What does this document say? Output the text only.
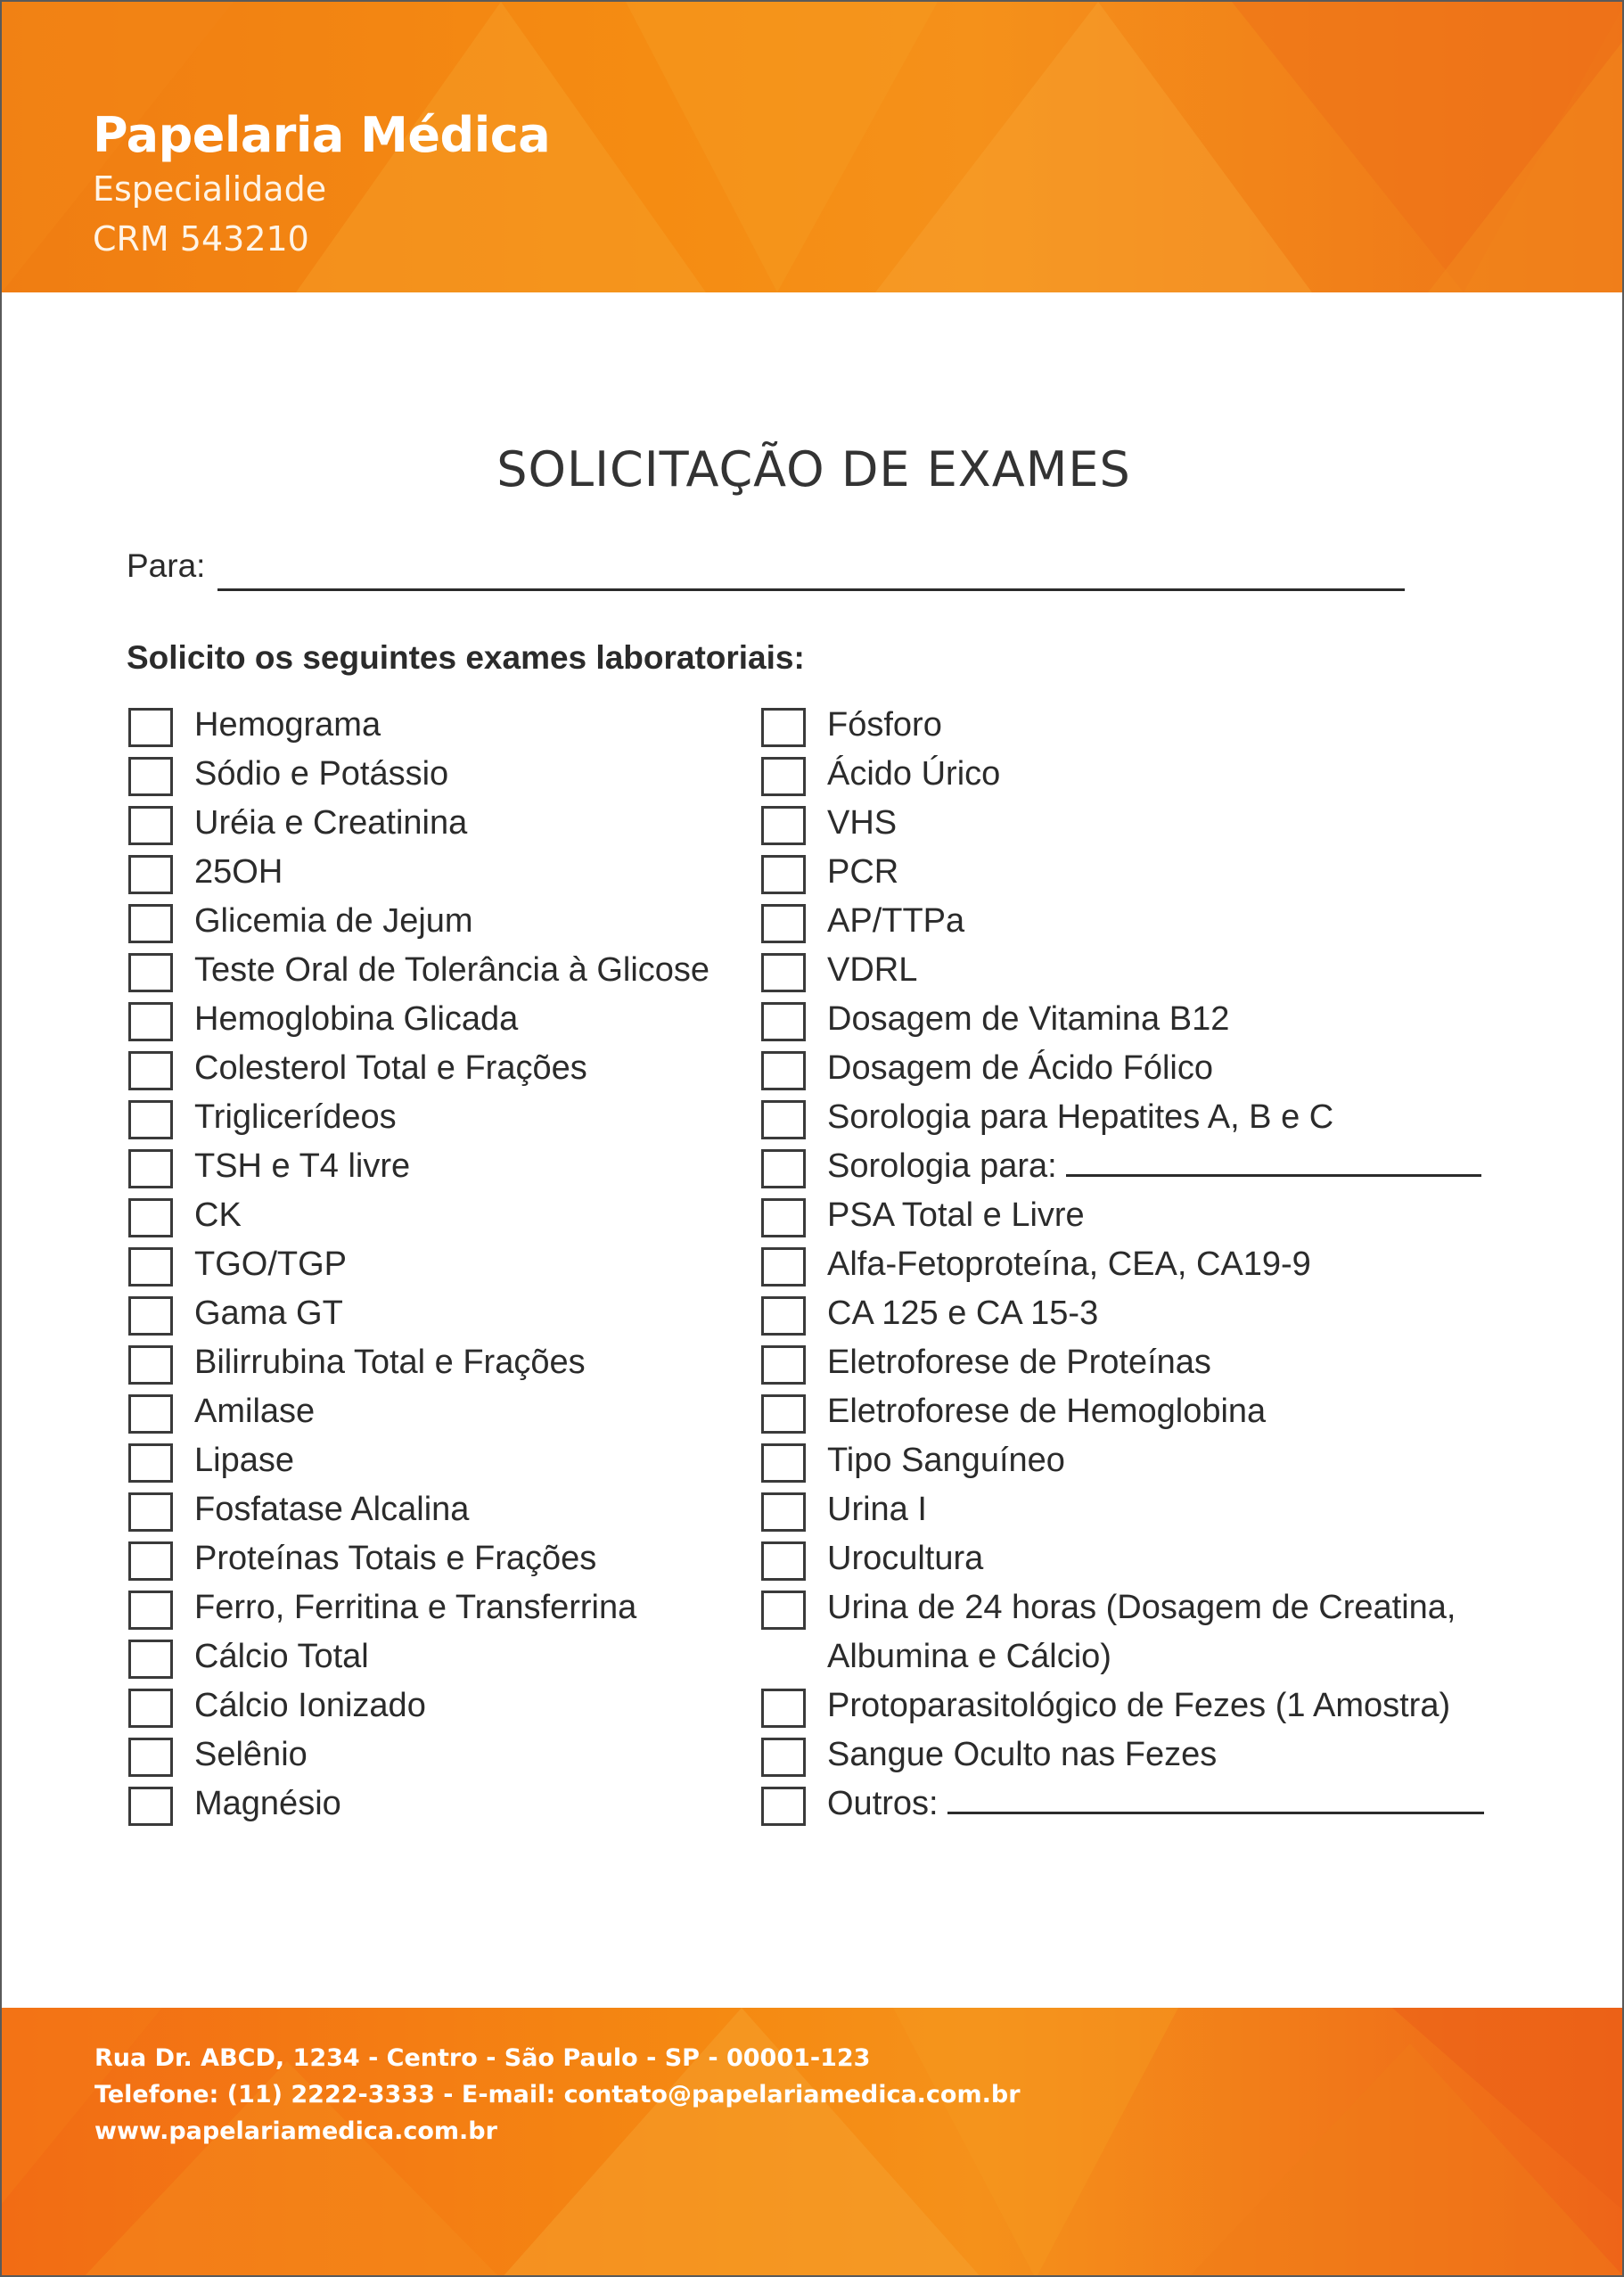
Papelaria Médica
Especialidade
CRM 543210
SOLICITAÇÃO DE EXAMES
Para:
Solicito os seguintes exames laboratoriais:
Hemograma
Sódio e Potássio
Uréia e Creatinina
25OH
Glicemia de Jejum
Teste Oral de Tolerância à Glicose
Hemoglobina Glicada
Colesterol Total e Frações
Triglicerídeos
TSH e T4 livre
CK
TGO/TGP
Gama GT
Bilirrubina Total e Frações
Amilase
Lipase
Fosfatase Alcalina
Proteínas Totais e Frações
Ferro, Ferritina e Transferrina
Cálcio Total
Cálcio Ionizado
Selênio
Magnésio
Fósforo
Ácido Úrico
VHS
PCR
AP/TTPa
VDRL
Dosagem de Vitamina B12
Dosagem de Ácido Fólico
Sorologia para Hepatites A, B e C
Sorologia para:
PSA Total e Livre
Alfa-Fetoproteína, CEA, CA19-9
CA 125 e CA 15-3
Eletroforese de Proteínas
Eletroforese de Hemoglobina
Tipo Sanguíneo
Urina I
Urocultura
Urina de 24 horas (Dosagem de Creatina, Albumina e Cálcio)
Protoparasitológico de Fezes (1 Amostra)
Sangue Oculto nas Fezes
Outros:
Rua Dr. ABCD, 1234 - Centro - São Paulo - SP - 00001-123
Telefone: (11) 2222-3333 - E-mail: contato@papelariamedica.com.br
www.papelariamedica.com.br
